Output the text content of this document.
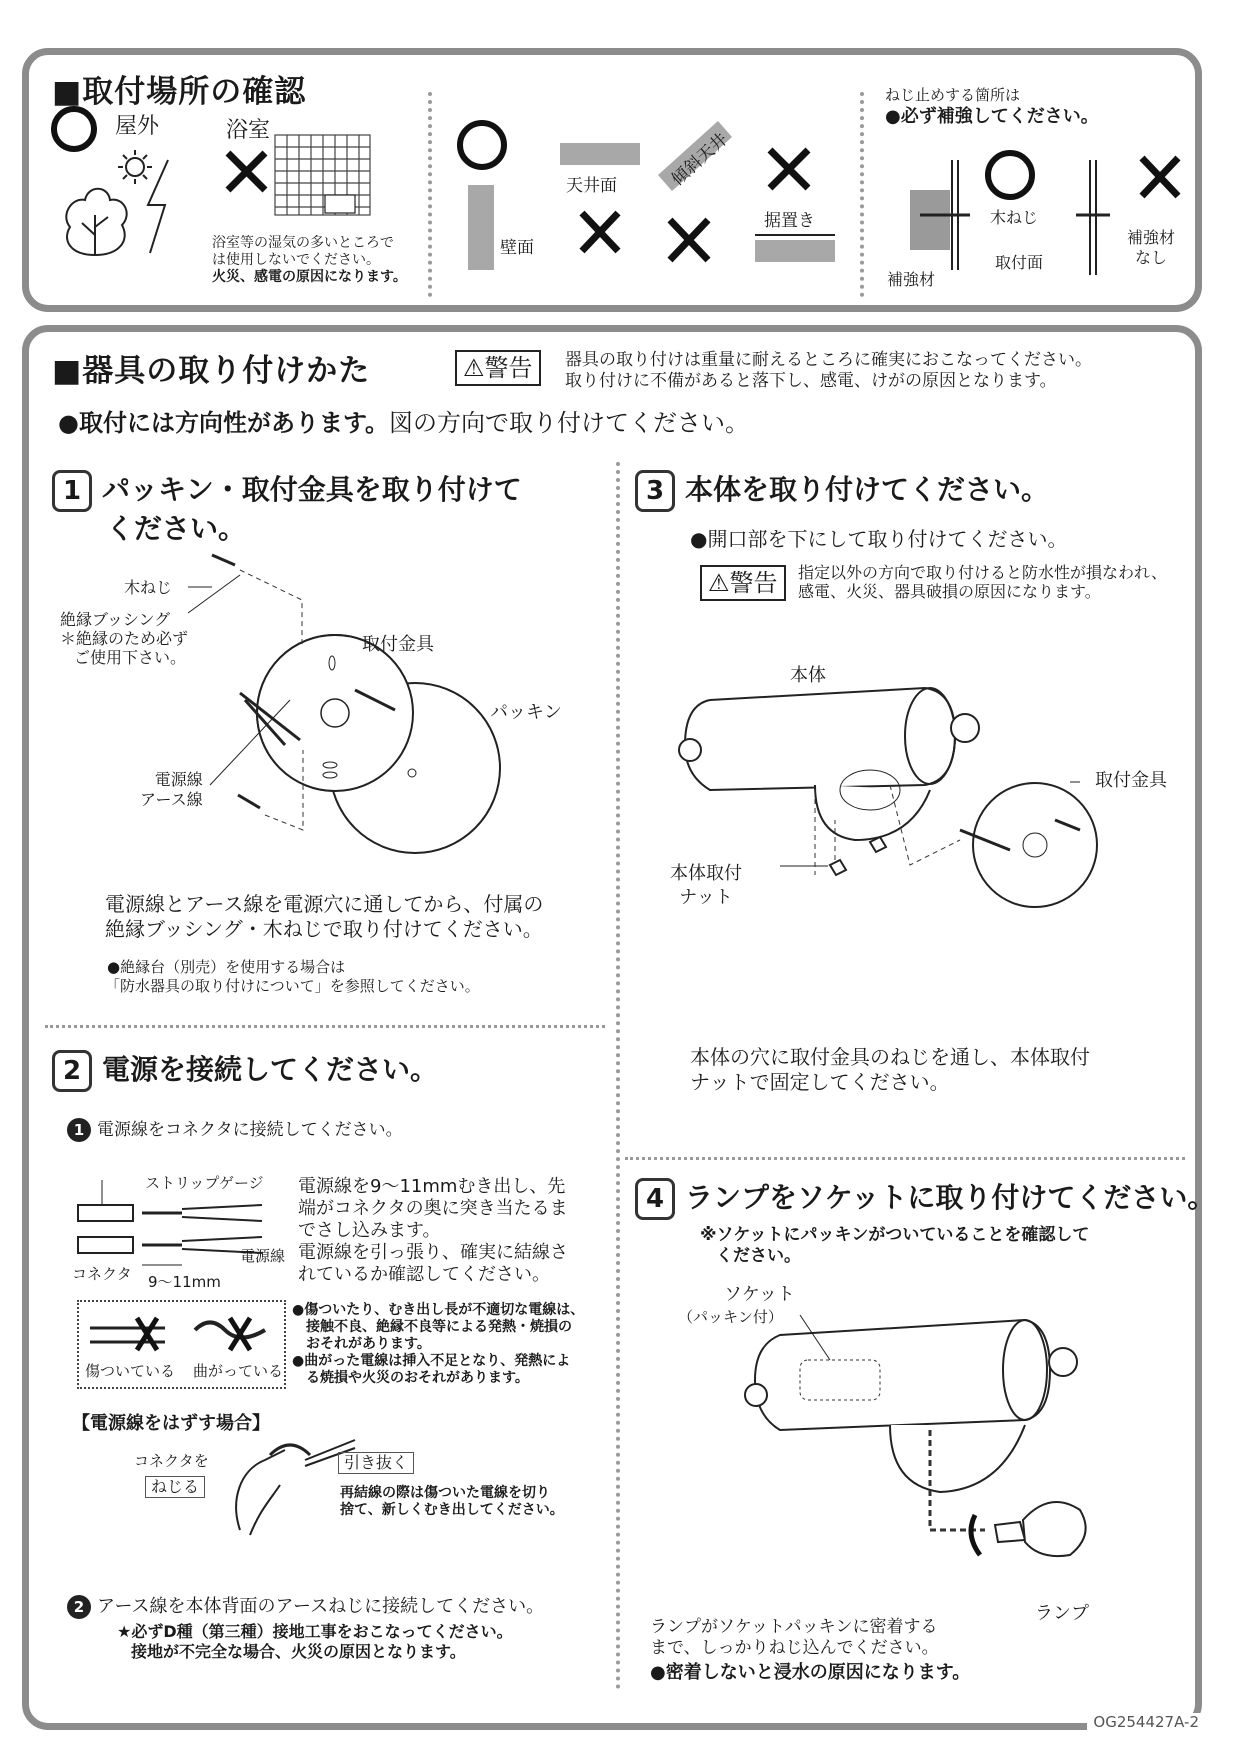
■取付場所の確認
屋外	浴室
浴室等の湿気の多いところで
は使用しないでください。
火災、感電の原因になります。
壁面
天井面	傾斜天井
据置き
ねじ止めする箇所は
●必ず補強してください。
木ねじ
補強材
取付面
補強材
なし
■器具の取り付けかた	⚠警告	器具の取り付けは重量に耐えるところに確実におこなってください。
取り付けに不備があると落下し、感電、けがの原因となります。
●取付には方向性があります。図の方向で取り付けてください。
1 パッキン・取付金具を取り付けて
ください。
木ねじ
絶縁ブッシング
＊絶縁のため必ず
ご使用下さい。
取付金具
パッキン
電源線
アース線
電源線とアース線を電源穴に通してから、付属の
絶縁ブッシング・木ねじで取り付けてください。
●絶縁台（別売）を使用する場合は
「防水器具の取り付けについて」を参照してください。
2 電源を接続してください。
1 電源線をコネクタに接続してください。
ストリップゲージ
コネクタ
電源線
9～11mm
電源線を9～11mmむき出し、先
端がコネクタの奥に突き当たるま
でさし込みます。
電源線を引っ張り、確実に結線さ
れているか確認してください。
傷ついている 曲がっている
●傷ついたり、むき出し長が不適切な電線は、
接触不良、絶縁不良等による発熱・焼損の
おそれがあります。
●曲がった電線は挿入不足となり、発熱によ
る焼損や火災のおそれがあります。
【電源線をはずす場合】
コネクタを
ねじる
引き抜く
再結線の際は傷ついた電線を切り
捨て、新しくむき出してください。
2 アース線を本体背面のアースねじに接続してください。
★必ずD種（第三種）接地工事をおこなってください。
接地が不完全な場合、火災の原因となります。
3 本体を取り付けてください。
●開口部を下にして取り付けてください。
⚠警告	指定以外の方向で取り付けると防水性が損なわれ、
感電、火災、器具破損の原因になります。
本体
取付金具
本体取付
ナット
本体の穴に取付金具のねじを通し、本体取付
ナットで固定してください。
4 ランプをソケットに取り付けてください。
※ソケットにパッキンがついていることを確認して
ください。
ソケット
（パッキン付）
ランプ
ランプがソケットパッキンに密着する
まで、しっかりねじ込んでください。
●密着しないと浸水の原因になります。
OG254427A-2
